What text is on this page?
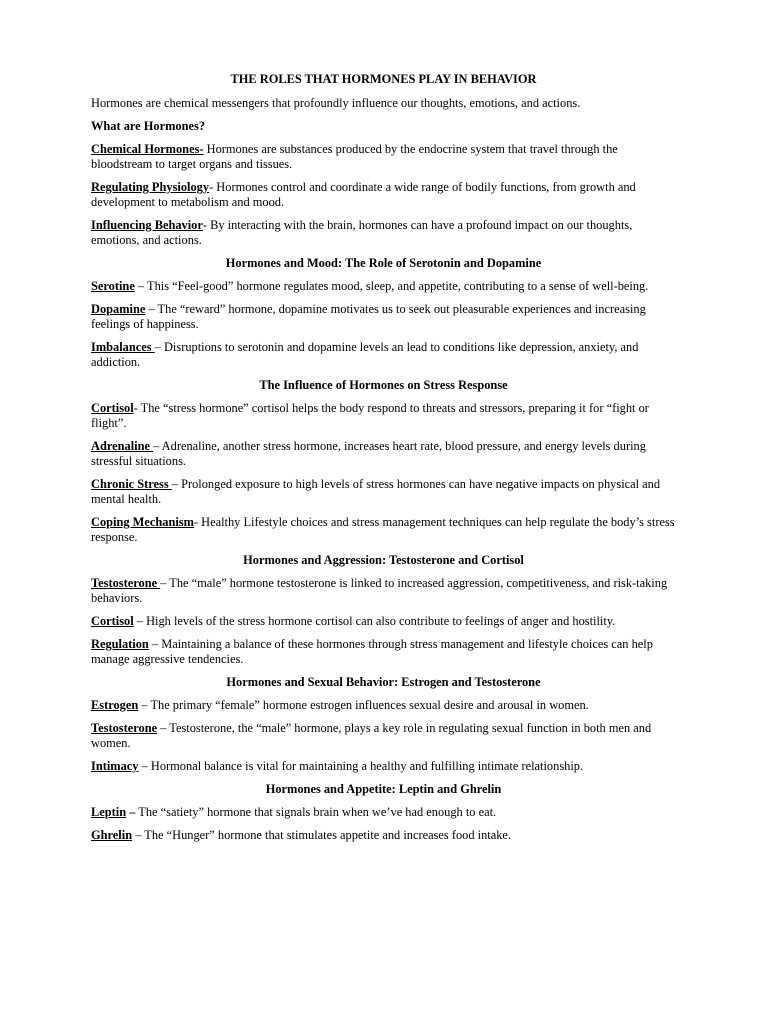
THE ROLES THAT HORMONES PLAY IN BEHAVIOR
Hormones are chemical messengers that profoundly influence our thoughts, emotions, and actions.
What are Hormones?
Chemical Hormones- Hormones are substances produced by the endocrine system that travel through the bloodstream to target organs and tissues.
Regulating Physiology- Hormones control and coordinate a wide range of bodily functions, from growth and development to metabolism and mood.
Influencing Behavior- By interacting with the brain, hormones can have a profound impact on our thoughts, emotions, and actions.
Hormones and Mood: The Role of Serotonin and Dopamine
Serotine – This “Feel-good” hormone regulates mood, sleep, and appetite, contributing to a sense of well-being.
Dopamine – The “reward” hormone, dopamine motivates us to seek out pleasurable experiences and increasing feelings of happiness.
Imbalances – Disruptions to serotonin and dopamine levels an lead to conditions like depression, anxiety, and addiction.
The Influence of Hormones on Stress Response
Cortisol- The “stress hormone” cortisol helps the body respond to threats and stressors, preparing it for “fight or flight”.
Adrenaline – Adrenaline, another stress hormone, increases heart rate, blood pressure, and energy levels during stressful situations.
Chronic Stress – Prolonged exposure to high levels of stress hormones can have negative impacts on physical and mental health.
Coping Mechanism- Healthy Lifestyle choices and stress management techniques can help regulate the body’s stress response.
Hormones and Aggression: Testosterone and Cortisol
Testosterone – The “male” hormone testosterone is linked to increased aggression, competitiveness, and risk-taking behaviors.
Cortisol – High levels of the stress hormone cortisol can also contribute to feelings of anger and hostility.
Regulation – Maintaining a balance of these hormones through stress management and lifestyle choices can help manage aggressive tendencies.
Hormones and Sexual Behavior: Estrogen and Testosterone
Estrogen – The primary “female” hormone estrogen influences sexual desire and arousal in women.
Testosterone – Testosterone, the “male” hormone, plays a key role in regulating sexual function in both men and women.
Intimacy – Hormonal balance is vital for maintaining a healthy and fulfilling intimate relationship.
Hormones and Appetite: Leptin and Ghrelin
Leptin – The “satiety” hormone that signals brain when we’ve had enough to eat.
Ghrelin – The “Hunger” hormone that stimulates appetite and increases food intake.
